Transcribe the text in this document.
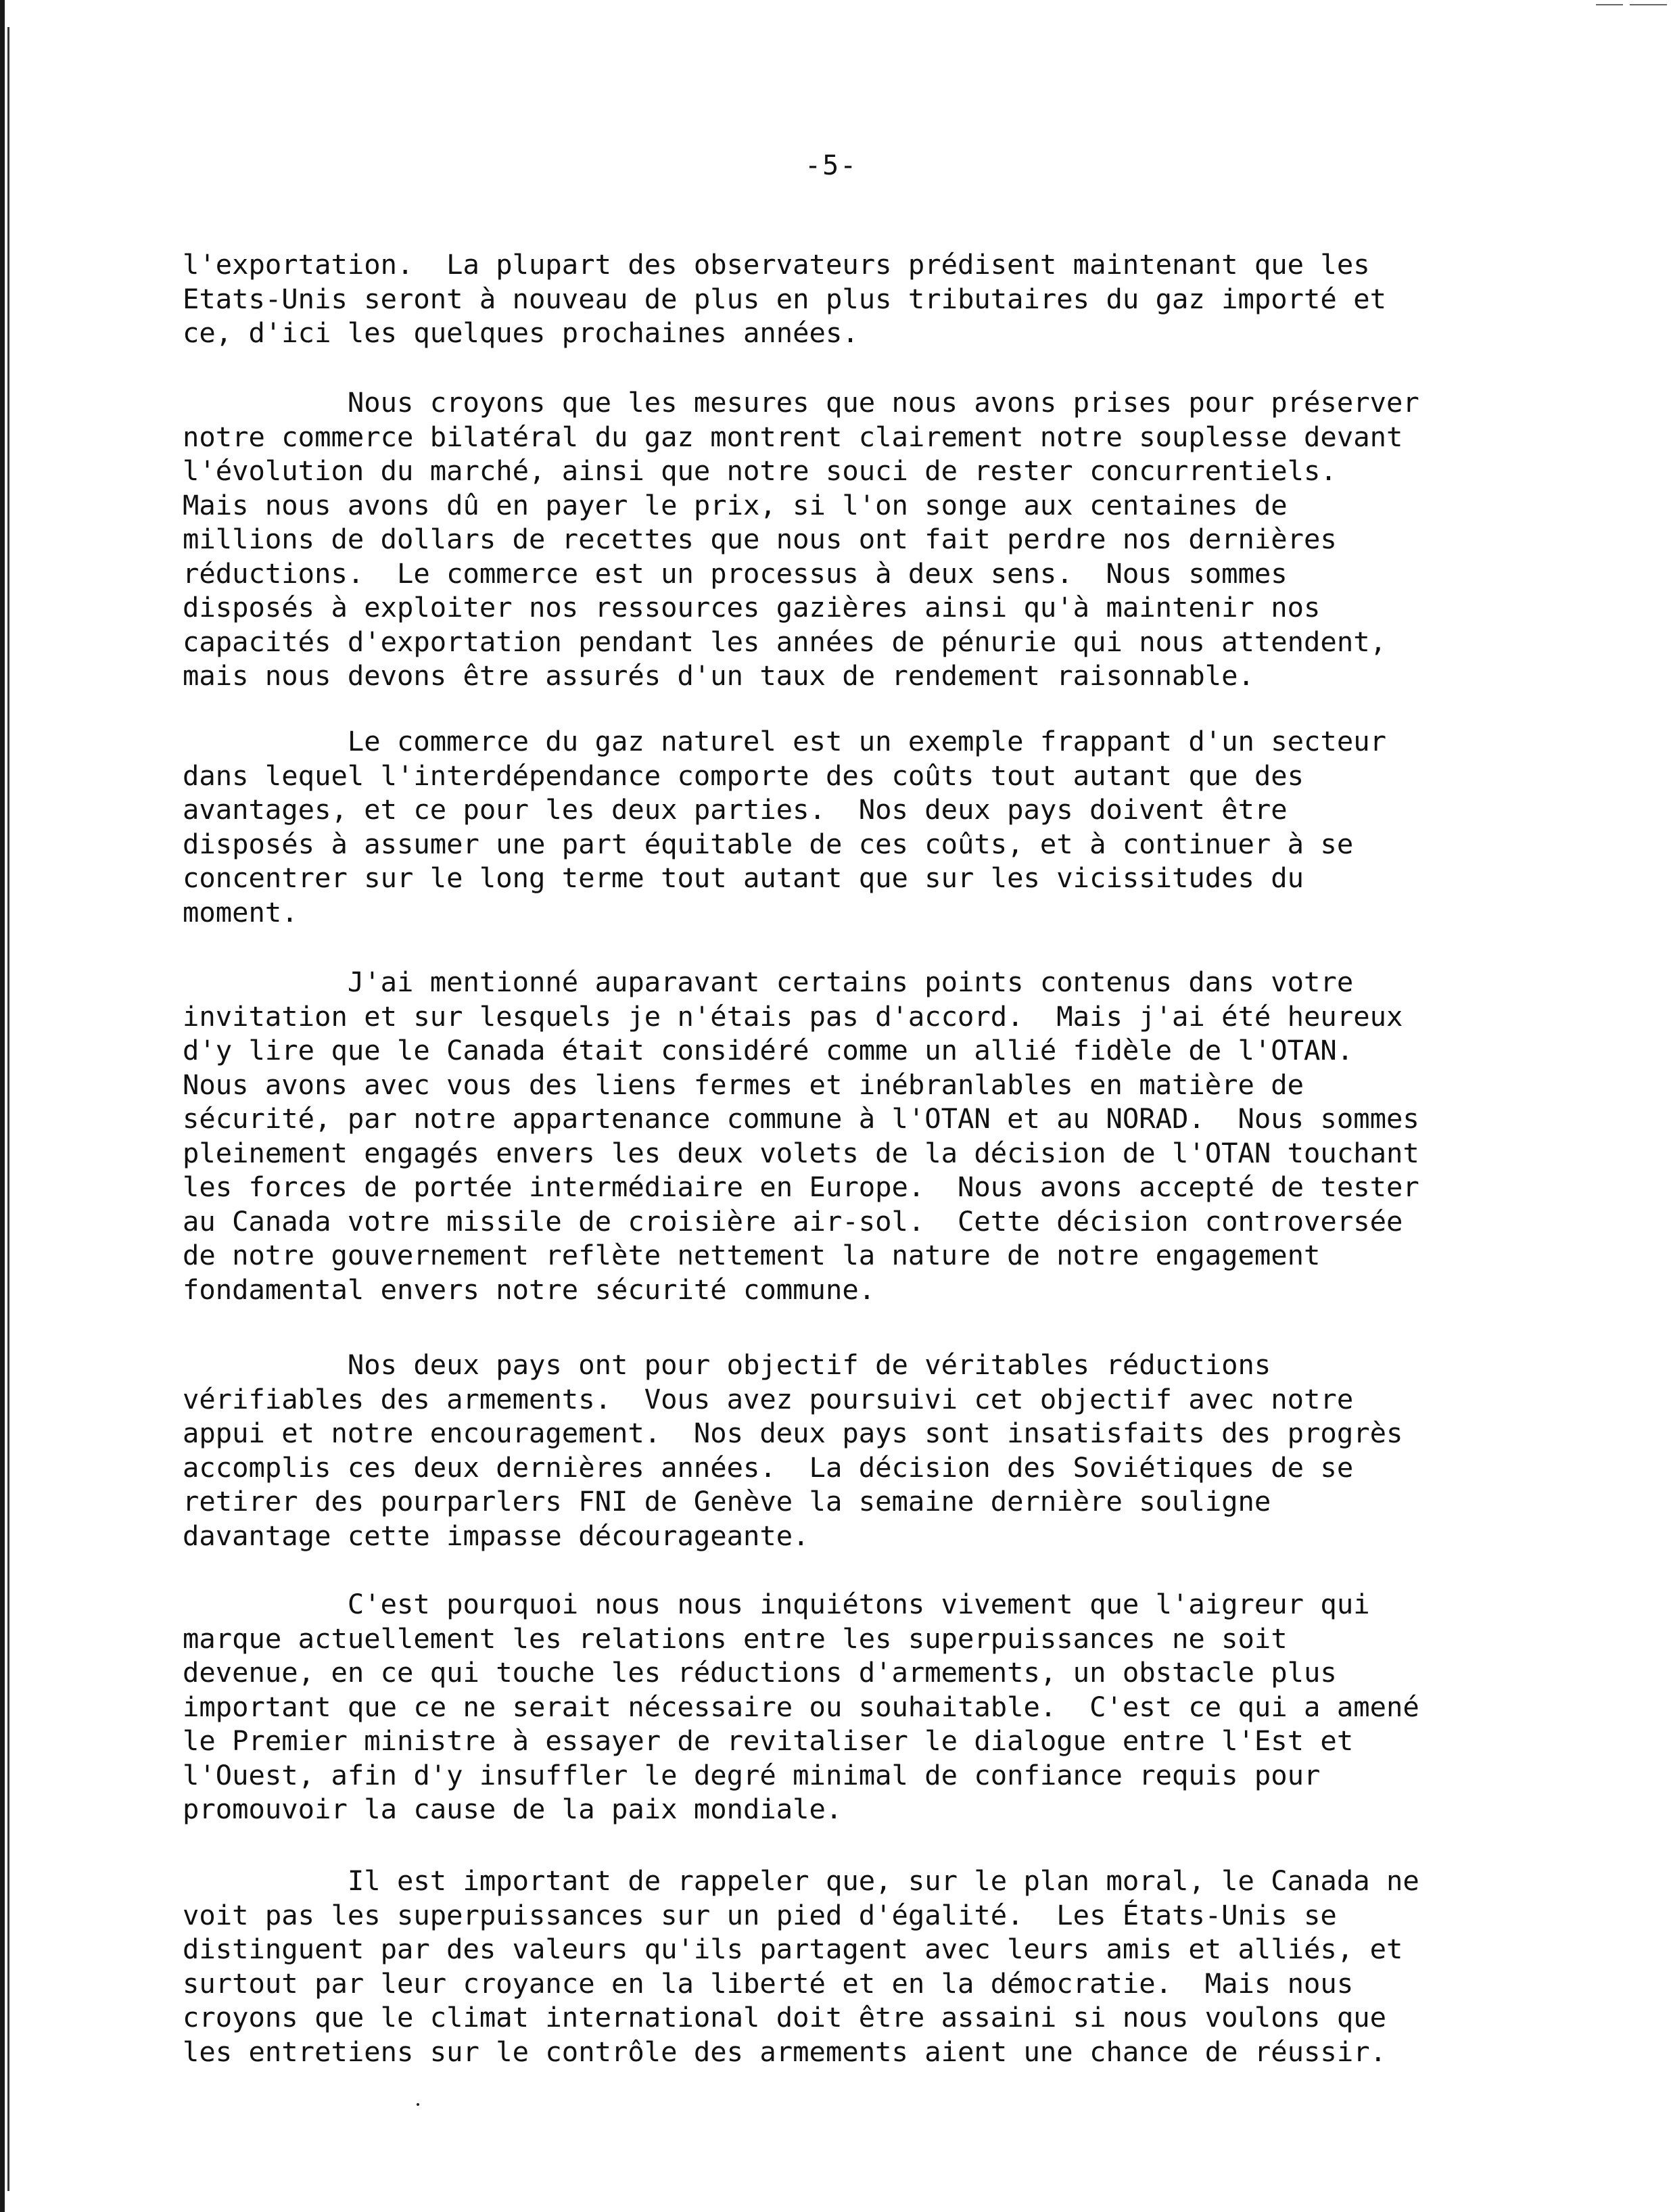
-5-

l'exportation.  La plupart des observateurs prédisent maintenant que les
Etats-Unis seront à nouveau de plus en plus tributaires du gaz importé et
ce, d'ici les quelques prochaines années.

Nous croyons que les mesures que nous avons prises pour préserver
notre commerce bilatéral du gaz montrent clairement notre souplesse devant
l'évolution du marché, ainsi que notre souci de rester concurrentiels.
Mais nous avons dû en payer le prix, si l'on songe aux centaines de
millions de dollars de recettes que nous ont fait perdre nos dernières
réductions.  Le commerce est un processus à deux sens.  Nous sommes
disposés à exploiter nos ressources gazières ainsi qu'à maintenir nos
capacités d'exportation pendant les années de pénurie qui nous attendent,
mais nous devons être assurés d'un taux de rendement raisonnable.

Le commerce du gaz naturel est un exemple frappant d'un secteur
dans lequel l'interdépendance comporte des coûts tout autant que des
avantages, et ce pour les deux parties.  Nos deux pays doivent être
disposés à assumer une part équitable de ces coûts, et à continuer à se
concentrer sur le long terme tout autant que sur les vicissitudes du
moment.

J'ai mentionné auparavant certains points contenus dans votre
invitation et sur lesquels je n'étais pas d'accord.  Mais j'ai été heureux
d'y lire que le Canada était considéré comme un allié fidèle de l'OTAN.
Nous avons avec vous des liens fermes et inébranlables en matière de
sécurité, par notre appartenance commune à l'OTAN et au NORAD.  Nous sommes
pleinement engagés envers les deux volets de la décision de l'OTAN touchant
les forces de portée intermédiaire en Europe.  Nous avons accepté de tester
au Canada votre missile de croisière air-sol.  Cette décision controversée
de notre gouvernement reflète nettement la nature de notre engagement
fondamental envers notre sécurité commune.

Nos deux pays ont pour objectif de véritables réductions
vérifiables des armements.  Vous avez poursuivi cet objectif avec notre
appui et notre encouragement.  Nos deux pays sont insatisfaits des progrès
accomplis ces deux dernières années.  La décision des Soviétiques de se
retirer des pourparlers FNI de Genève la semaine dernière souligne
davantage cette impasse décourageante.

C'est pourquoi nous nous inquiétons vivement que l'aigreur qui
marque actuellement les relations entre les superpuissances ne soit
devenue, en ce qui touche les réductions d'armements, un obstacle plus
important que ce ne serait nécessaire ou souhaitable.  C'est ce qui a amené
le Premier ministre à essayer de revitaliser le dialogue entre l'Est et
l'Ouest, afin d'y insuffler le degré minimal de confiance requis pour
promouvoir la cause de la paix mondiale.

Il est important de rappeler que, sur le plan moral, le Canada ne
voit pas les superpuissances sur un pied d'égalité.  Les États-Unis se
distinguent par des valeurs qu'ils partagent avec leurs amis et alliés, et
surtout par leur croyance en la liberté et en la démocratie.  Mais nous
croyons que le climat international doit être assaini si nous voulons que
les entretiens sur le contrôle des armements aient une chance de réussir.
